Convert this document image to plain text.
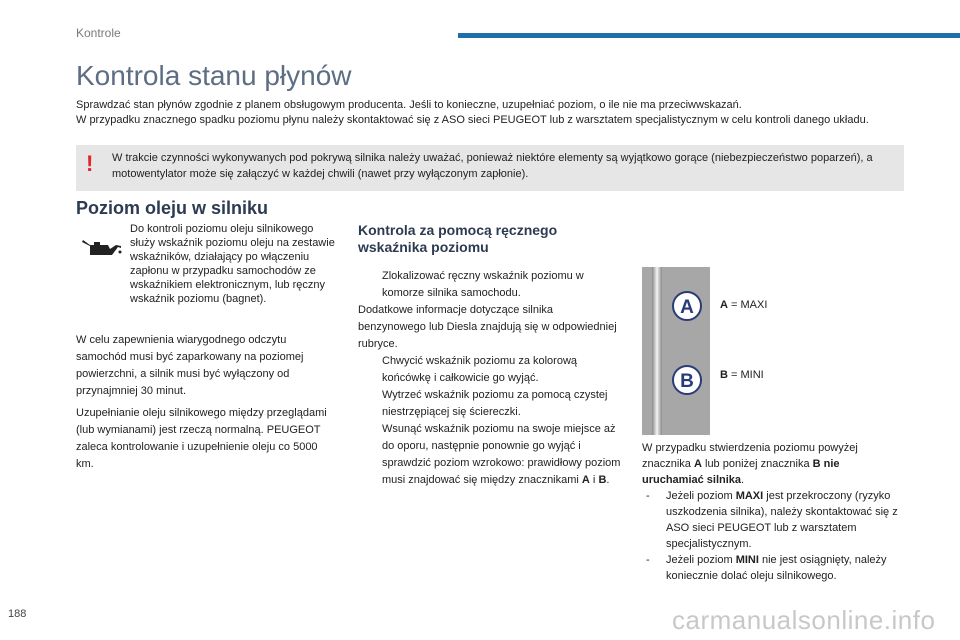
Kontrole
Kontrola stanu płynów

Sprawdzać stan płynów zgodnie z planem obsługowym producenta. Jeśli to konieczne, uzupełniać poziom, o ile nie ma przeciwwskazań.

W przypadku znacznego spadku poziomu płynu należy skontaktować się z ASO sieci PEUGEOT lub z warsztatem specjalistycznym w celu kontroli danego układu.

! W trakcie czynności wykonywanych pod pokrywą silnika należy uważać, ponieważ niektóre elementy są wyjątkowo gorące (niebezpieczeństwo poparzeń), a motowentylator może się załączyć w każdej chwili (nawet przy wyłączonym zapłonie).
Poziom oleju w silniku
Do kontroli poziomu oleju silnikowego służy wskaźnik poziomu oleju na zestawie wskaźników, działający po włączeniu zapłonu w przypadku samochodów ze wskaźnikiem elektronicznym, lub ręczny wskaźnik poziomu (bagnet).

W celu zapewnienia wiarygodnego odczytu samochód musi być zaparkowany na poziomej powierzchni, a silnik musi być wyłączony od przynajmniej 30 minut.

Uzupełnianie oleju silnikowego między przeglądami (lub wymianami) jest rzeczą normalną. PEUGEOT zaleca kontrolowanie i uzupełnienie oleju co 5000 km.

Kontrola za pomocą ręcznego wskaźnika poziomu
Zlokalizować ręczny wskaźnik poziomu w komorze silnika samochodu.
Dodatkowe informacje dotyczące silnika benzynowego lub Diesla znajdują się w odpowiedniej rubryce.
Chwycić wskaźnik poziomu za kolorową końcówkę i całkowicie go wyjąć.
Wytrzeć wskaźnik poziomu za pomocą czystej niestrzępiącej się ściereczki.
Wsunąć wskaźnik poziomu na swoje miejsce aż do oporu, następnie ponownie go wyjąć i sprawdzić poziom wzrokowo: prawidłowy poziom musi znajdować się między znacznikami A i B.
A
B
A = MAXI
B = MINI
W przypadku stwierdzenia poziomu powyżej znacznika A lub poniżej znacznika B nie uruchamiać silnika.
- Jeżeli poziom MAXI jest przekroczony (ryzyko uszkodzenia silnika), należy skontaktować się z ASO sieci PEUGEOT lub z warsztatem specjalistycznym.
- Jeżeli poziom MINI nie jest osiągnięty, należy koniecznie dolać oleju silnikowego.
188	carmanualsonline.info
